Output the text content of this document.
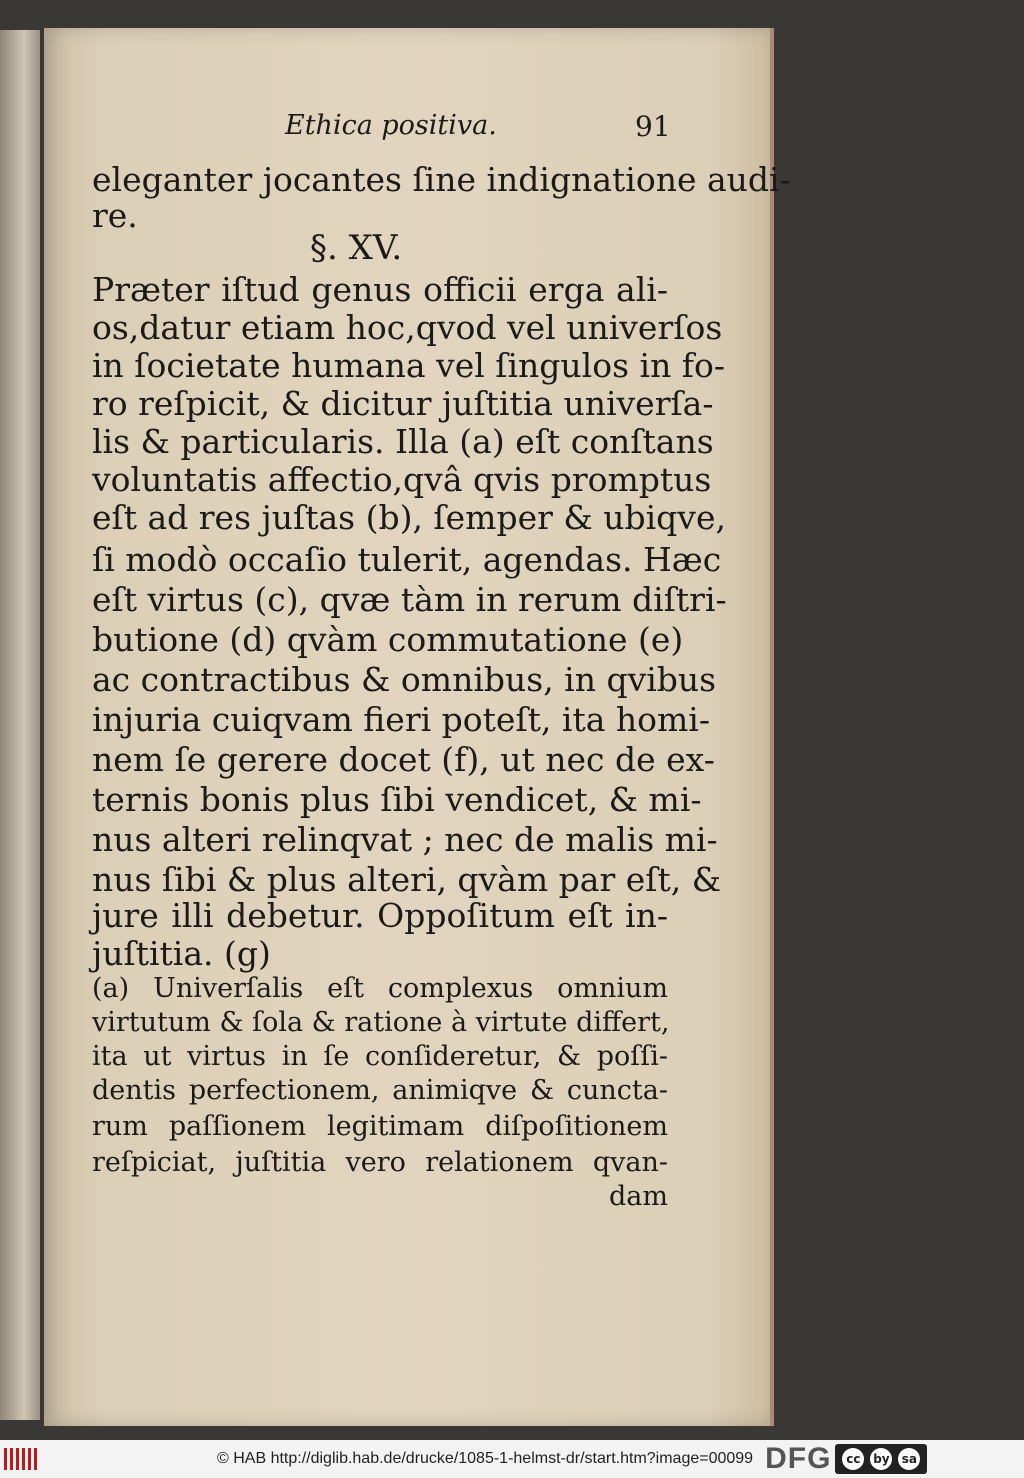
Ethica positiva.	91
eleganter jocantes ſine indignatione audi-
re.
§. XV.
Præter iſtud genus officii erga ali-
os,datur etiam hoc,qvod vel univerſos
in ſocietate humana vel ſingulos in fo-
ro reſpicit, & dicitur juſtitia univerſa-
lis & particularis. Illa (a) eſt conſtans
voluntatis affectio,qvâ qvis promptus
eſt ad res juſtas (b), ſemper & ubiqve,
ſi modò occaſio tulerit, agendas. Hæc
eſt virtus (c), qvæ tàm in rerum diſtri-
butione (d) qvàm commutatione (e)
ac contractibus & omnibus, in qvibus
injuria cuiqvam fieri poteſt, ita homi-
nem ſe gerere docet (f), ut nec de ex-
ternis bonis plus ſibi vendicet, & mi-
nus alteri relinqvat ; nec de malis mi-
nus ſibi & plus alteri, qvàm par eſt, &
jure illi debetur. Oppoſitum eſt in-
juſtitia. (g)
(a) Univerſalis eſt complexus omnium
virtutum & ſola & ratione à virtute differt,
ita ut virtus in ſe conſideretur, & poſſi-
dentis perfectionem, animiqve & cuncta-
rum paſſionem legitimam diſpoſitionem
reſpiciat, juſtitia vero relationem qvan-
dam
© HAB http://diglib.hab.de/drucke/1085-1-helmst-dr/start.htm?image=00099 DFG	cc	by sa
